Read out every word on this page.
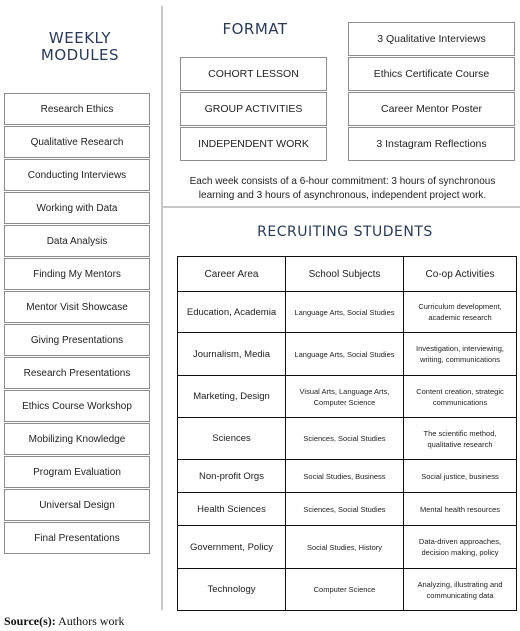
WEEKLY
MODULES
Research Ethics
Qualitative Research
Conducting Interviews
Working with Data
Data Analysis
Finding My Mentors
Mentor Visit Showcase
Giving Presentations
Research Presentations
Ethics Course Workshop
Mobilizing Knowledge
Program Evaluation
Universal Design
Final Presentations
FORMAT
COHORT LESSON
GROUP ACTIVITIES
INDEPENDENT WORK
3 Qualitative Interviews
Ethics Certificate Course
Career Mentor Poster
3 Instagram Reflections
Each week consists of a 6-hour commitment: 3 hours of synchronous
learning and 3 hours of asynchronous, independent project work.
RECRUITING STUDENTS
Career Area	School Subjects	Co-op Activities
Education, Academia	Language Arts, Social Studies	Curriculum development, academic research
Journalism, Media	Language Arts, Social Studies	Investigation, interviewing, writing, communications
Marketing, Design	Visual Arts, Language Arts, Computer Science	Content creation, strategic communications
Sciences	Sciences, Social Studies	The scientific method, qualitative research
Non-profit Orgs	Social Studies, Business	Social justice, business
Health Sciences	Sciences, Social Studies	Mental health resources
Government, Policy	Social Studies, History	Data-driven approaches, decision making, policy
Technology	Computer Science	Analyzing, illustrating and communicating data
Source(s): Authors work
